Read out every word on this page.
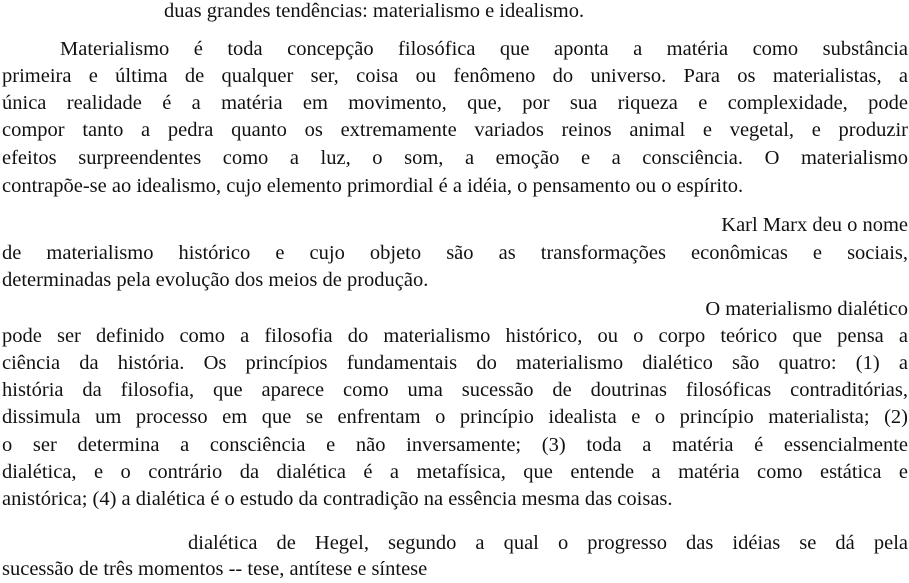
duas grandes tendências: materialismo e idealismo.
Materialismo é toda concepção filosófica que aponta a matéria como substância
primeira e última de qualquer ser, coisa ou fenômeno do universo. Para os materialistas, a
única realidade é a matéria em movimento, que, por sua riqueza e complexidade, pode
compor tanto a pedra quanto os extremamente variados reinos animal e vegetal, e produzir
efeitos surpreendentes como a luz, o som, a emoção e a consciência. O materialismo
contrapõe-se ao idealismo, cujo elemento primordial é a idéia, o pensamento ou o espírito.
Karl Marx deu o nome
de materialismo histórico e cujo objeto são as transformações econômicas e sociais,
determinadas pela evolução dos meios de produção.
O materialismo dialético
pode ser definido como a filosofia do materialismo histórico, ou o corpo teórico que pensa a
ciência da história. Os princípios fundamentais do materialismo dialético são quatro: (1) a
história da filosofia, que aparece como uma sucessão de doutrinas filosóficas contraditórias,
dissimula um processo em que se enfrentam o princípio idealista e o princípio materialista; (2)
o ser determina a consciência e não inversamente; (3) toda a matéria é essencialmente
dialética, e o contrário da dialética é a metafísica, que entende a matéria como estática e
anistórica; (4) a dialética é o estudo da contradição na essência mesma das coisas.
dialética de Hegel, segundo a qual o progresso das idéias se dá pela
sucessão de três momentos -- tese, antítese e síntese
